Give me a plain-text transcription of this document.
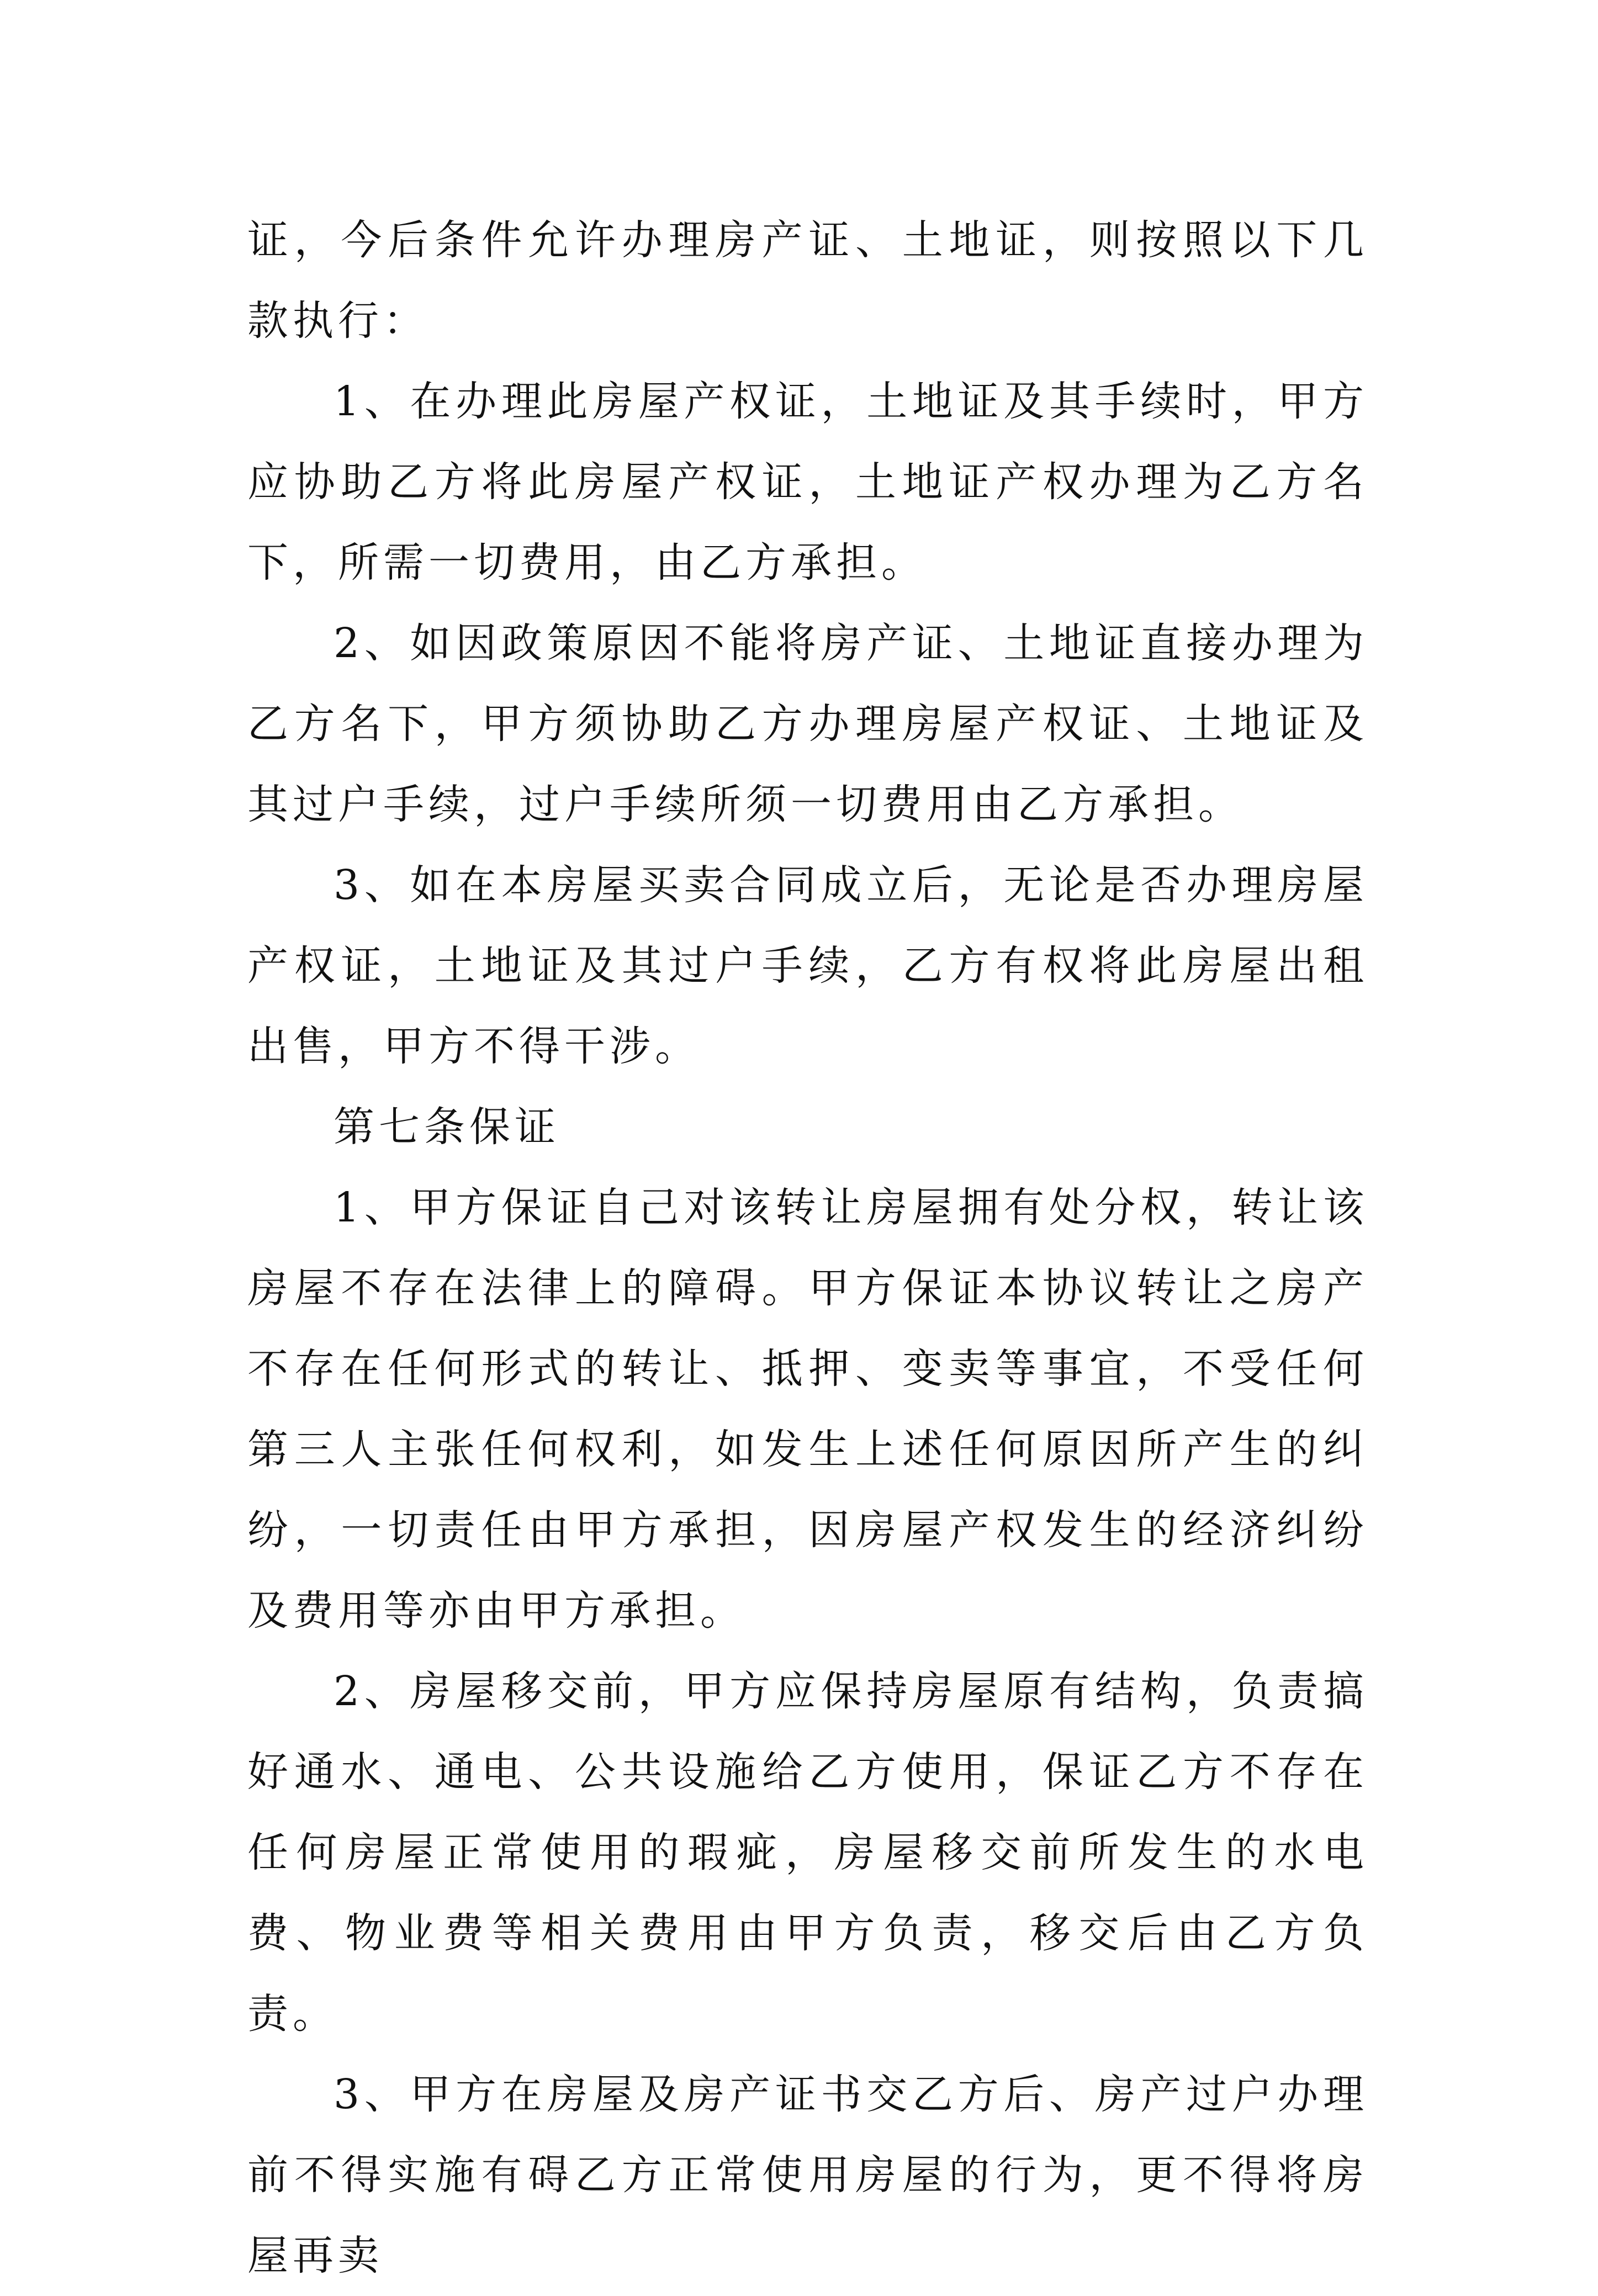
证，今后条件允许办理房产证、土地证，则按照以下几款执行：

1、在办理此房屋产权证，土地证及其手续时，甲方应协助乙方将此房屋产权证，土地证产权办理为乙方名下，所需一切费用，由乙方承担。

2、如因政策原因不能将房产证、土地证直接办理为乙方名下，甲方须协助乙方办理房屋产权证、土地证及其过户手续，过户手续所须一切费用由乙方承担。

3、如在本房屋买卖合同成立后，无论是否办理房屋产权证，土地证及其过户手续，乙方有权将此房屋出租出售，甲方不得干涉。

第七条保证

1、甲方保证自己对该转让房屋拥有处分权，转让该房屋不存在法律上的障碍。甲方保证本协议转让之房产不存在任何形式的转让、抵押、变卖等事宜，不受任何第三人主张任何权利，如发生上述任何原因所产生的纠纷，一切责任由甲方承担，因房屋产权发生的经济纠纷及费用等亦由甲方承担。

2、房屋移交前，甲方应保持房屋原有结构，负责搞好通水、通电、公共设施给乙方使用，保证乙方不存在任何房屋正常使用的瑕疵，房屋移交前所发生的水电费、物业费等相关费用由甲方负责，移交后由乙方负责。

3、甲方在房屋及房产证书交乙方后、房产过户办理前不得实施有碍乙方正常使用房屋的行为，更不得将房屋再卖
